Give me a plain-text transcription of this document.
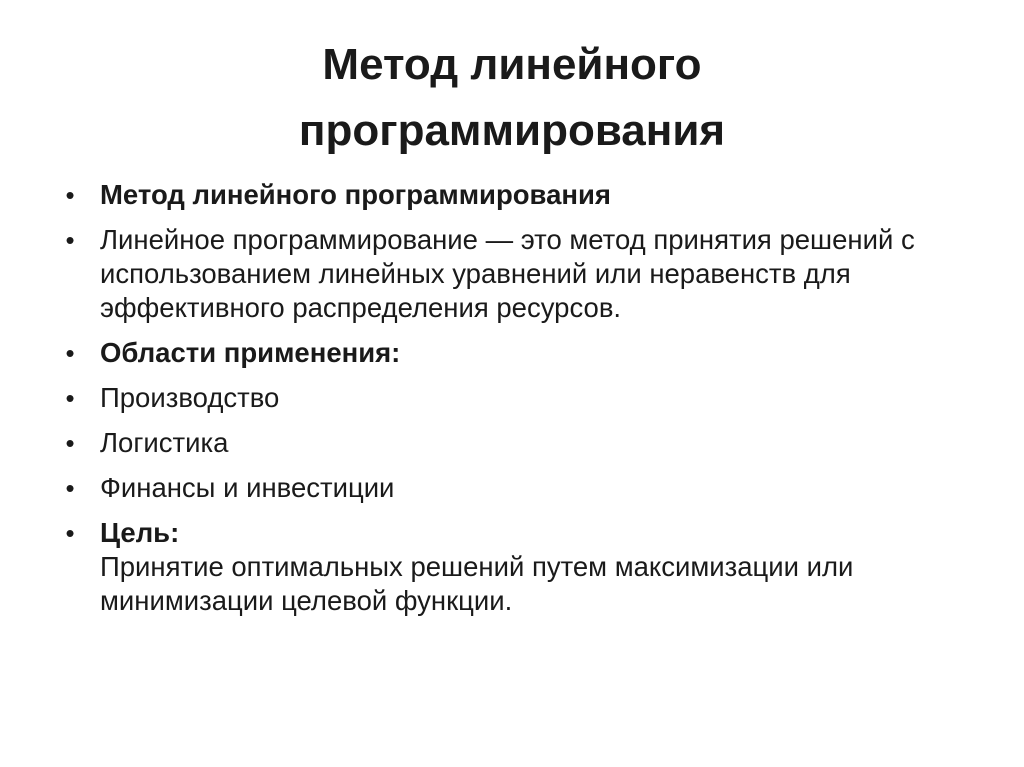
Метод линейного программирования
• Метод линейного программирования
• Линейное программирование — это метод принятия решений с использованием линейных уравнений или неравенств для эффективного распределения ресурсов.
• Области применения:
• Производство
• Логистика
• Финансы и инвестиции
• Цель:
Принятие оптимальных решений путем максимизации или минимизации целевой функции.
